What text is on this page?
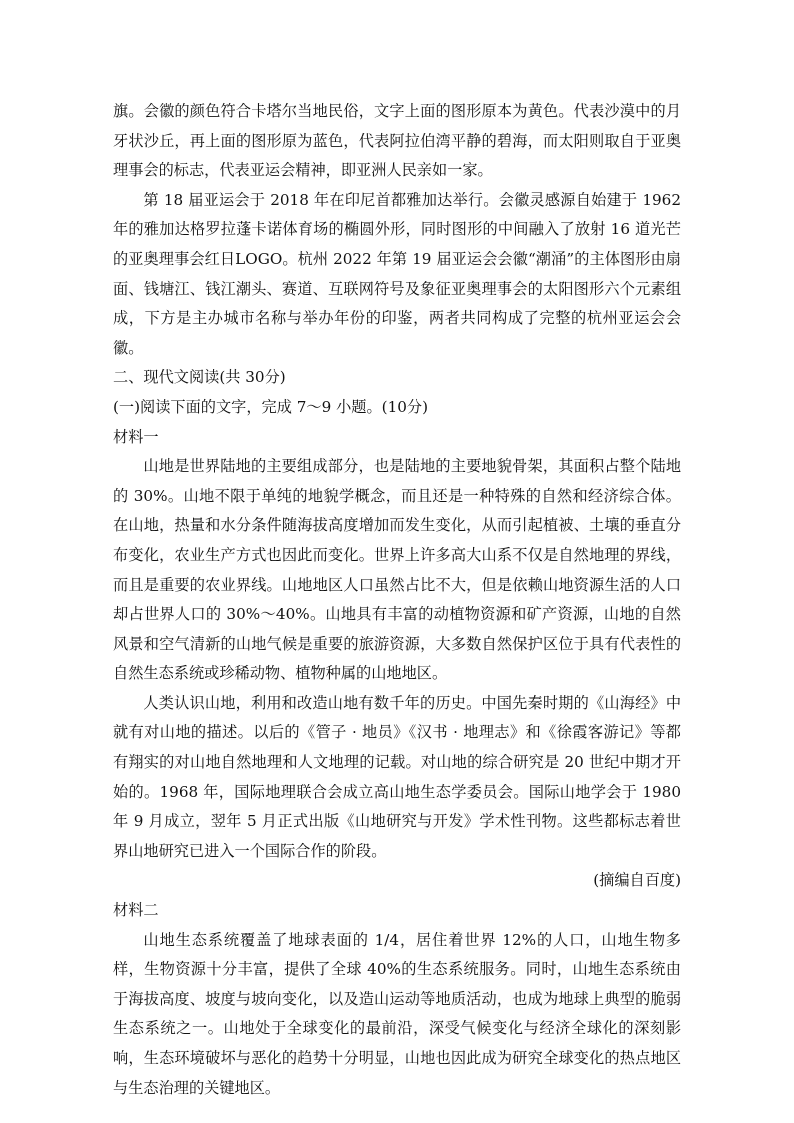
旗。会徽的颜色符合卡塔尔当地民俗，文字上面的图形原本为黄色。代表沙漠中的月牙状沙丘，再上面的图形原为蓝色，代表阿拉伯湾平静的碧海，而太阳则取自于亚奥理事会的标志，代表亚运会精神，即亚洲人民亲如一家。

第 18 届亚运会于 2018 年在印尼首都雅加达举行。会徽灵感源自始建于 1962 年的雅加达格罗拉蓬卡诺体育场的椭圆外形，同时图形的中间融入了放射 16 道光芒的亚奥理事会红日LOGO。杭州 2022 年第 19 届亚运会会徽“潮涌”的主体图形由扇面、钱塘江、钱江潮头、赛道、互联网符号及象征亚奥理事会的太阳图形六个元素组成，下方是主办城市名称与举办年份的印鉴，两者共同构成了完整的杭州亚运会会徽。

二、现代文阅读(共 30分)

(一)阅读下面的文字，完成 7～9 小题。(10分)

材料一

山地是世界陆地的主要组成部分，也是陆地的主要地貌骨架，其面积占整个陆地的 30%。山地不限于单纯的地貌学概念，而且还是一种特殊的自然和经济综合体。在山地，热量和水分条件随海拔高度增加而发生变化，从而引起植被、土壤的垂直分布变化，农业生产方式也因此而变化。世界上许多高大山系不仅是自然地理的界线，而且是重要的农业界线。山地地区人口虽然占比不大，但是依赖山地资源生活的人口却占世界人口的 30%～40%。山地具有丰富的动植物资源和矿产资源，山地的自然风景和空气清新的山地气候是重要的旅游资源，大多数自然保护区位于具有代表性的自然生态系统或珍稀动物、植物种属的山地地区。

人类认识山地，利用和改造山地有数千年的历史。中国先秦时期的《山海经》中就有对山地的描述。以后的《管子 · 地员》《汉书 · 地理志》和《徐霞客游记》等都有翔实的对山地自然地理和人文地理的记载。对山地的综合研究是 20 世纪中期才开始的。1968 年，国际地理联合会成立高山地生态学委员会。国际山地学会于 1980 年 9 月成立，翌年 5 月正式出版《山地研究与开发》学术性刊物。这些都标志着世界山地研究已进入一个国际合作的阶段。

(摘编自百度)

材料二

山地生态系统覆盖了地球表面的 1/4，居住着世界 12%的人口，山地生物多样，生物资源十分丰富，提供了全球 40%的生态系统服务。同时，山地生态系统由于海拔高度、坡度与坡向变化，以及造山运动等地质活动，也成为地球上典型的脆弱生态系统之一。山地处于全球变化的最前沿，深受气候变化与经济全球化的深刻影响，生态环境破坏与恶化的趋势十分明显，山地也因此成为研究全球变化的热点地区与生态治理的关键地区。
